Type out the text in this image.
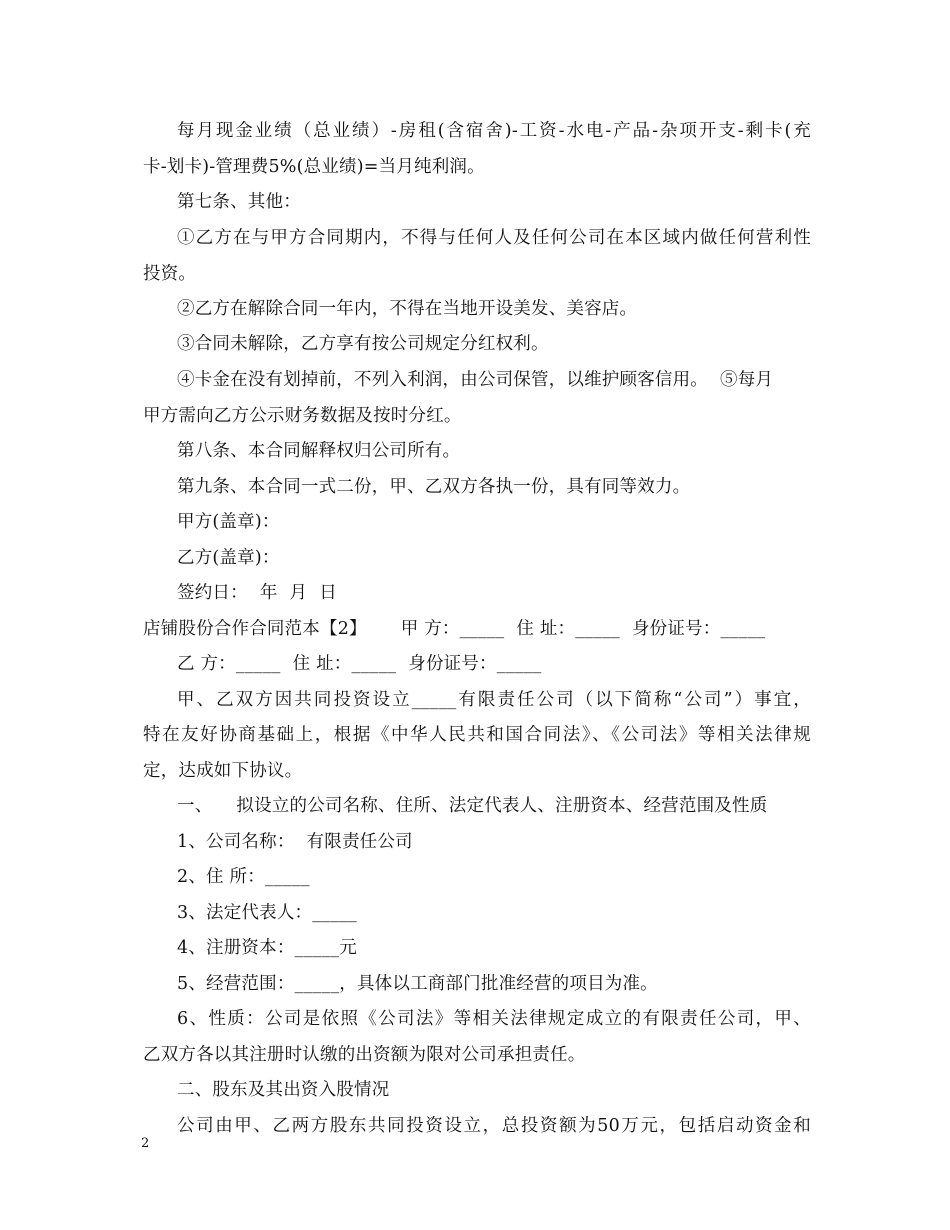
每月现金业绩（总业绩）-房租(含宿舍)-工资-水电-产品-杂项开支-剩卡(充
卡-划卡)-管理费5%(总业绩)=当月纯利润。
第七条、其他：
①乙方在与甲方合同期内，不得与任何人及任何公司在本区域内做任何营利性
投资。
②乙方在解除合同一年内，不得在当地开设美发、美容店。
③合同未解除，乙方享有按公司规定分红权利。
④卡金在没有划掉前，不列入利润，由公司保管，以维护顾客信用。 ⑤每月
甲方需向乙方公示财务数据及按时分红。
第八条、本合同解释权归公司所有。
第九条、本合同一式二份，甲、乙双方各执一份，具有同等效力。
甲方(盖章)：
乙方(盖章)：
签约日： 年 月 日
店铺股份合作合同范本【2】 甲 方：_____ 住 址：_____ 身份证号：_____
乙 方：_____ 住 址：_____ 身份证号：_____
甲、乙双方因共同投资设立_____有限责任公司（以下简称“公司”）事宜，
特在友好协商基础上，根据《中华人民共和国合同法》、《公司法》等相关法律规
定，达成如下协议。
一、 拟设立的公司名称、住所、法定代表人、注册资本、经营范围及性质
1、公司名称： 有限责任公司
2、住 所：_____
3、法定代表人：_____
4、注册资本：_____元
5、经营范围：_____，具体以工商部门批准经营的项目为准。
6、性质：公司是依照《公司法》等相关法律规定成立的有限责任公司，甲、
乙双方各以其注册时认缴的出资额为限对公司承担责任。
二、股东及其出资入股情况
公司由甲、乙两方股东共同投资设立，总投资额为50万元，包括启动资金和
2
